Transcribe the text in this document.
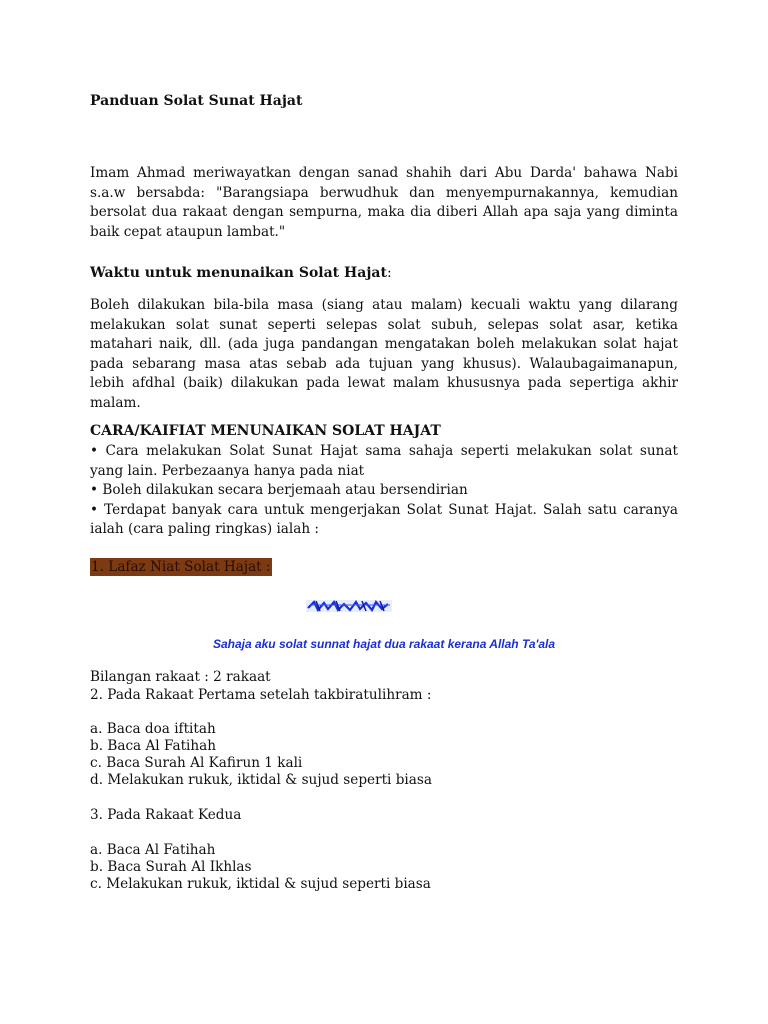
Panduan Solat Sunat Hajat

Imam Ahmad meriwayatkan dengan sanad shahih dari Abu Darda' bahawa Nabi s.a.w bersabda: "Barangsiapa berwudhuk dan menyempurnakannya, kemudian bersolat dua rakaat dengan sempurna, maka dia diberi Allah apa saja yang diminta baik cepat ataupun lambat."

Waktu untuk menunaikan Solat Hajat:

Boleh dilakukan bila-bila masa (siang atau malam) kecuali waktu yang dilarang melakukan solat sunat seperti selepas solat subuh, selepas solat asar, ketika matahari naik, dll. (ada juga pandangan mengatakan boleh melakukan solat hajat pada sebarang masa atas sebab ada tujuan yang khusus). Walaubagaimanapun, lebih afdhal (baik) dilakukan pada lewat malam khususnya pada sepertiga akhir malam.

CARA/KAIFIAT MENUNAIKAN SOLAT HAJAT
• Cara melakukan Solat Sunat Hajat sama sahaja seperti melakukan solat sunat yang lain. Perbezaanya hanya pada niat
• Boleh dilakukan secara berjemaah atau bersendirian
• Terdapat banyak cara untuk mengerjakan Solat Sunat Hajat. Salah satu caranya ialah (cara paling ringkas) ialah :
1. Lafaz Niat Solat Hajat :
Sahaja aku solat sunnat hajat dua rakaat kerana Allah Ta'ala
Bilangan rakaat : 2 rakaat
2. Pada Rakaat Pertama setelah takbiratulihram :
a. Baca doa iftitah
b. Baca Al Fatihah
c. Baca Surah Al Kafirun 1 kali
d. Melakukan rukuk, iktidal & sujud seperti biasa
3. Pada Rakaat Kedua
a. Baca Al Fatihah
b. Baca Surah Al Ikhlas
c. Melakukan rukuk, iktidal & sujud seperti biasa
